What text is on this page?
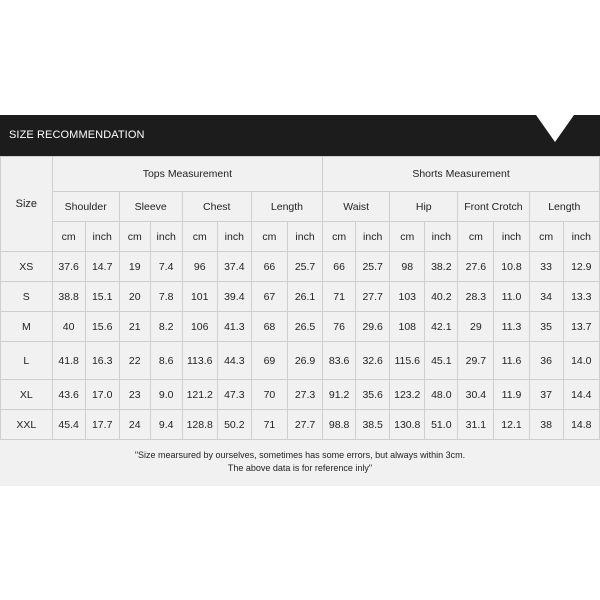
SIZE RECOMMENDATION
Size	Tops Measurement								Shorts Measurement							
	Shoulder		Sleeve		Chest		Length		Waist		Hip		Front Crotch		Length	
	cm	inch	cm	inch	cm	inch	cm	inch	cm	inch	cm	inch	cm	inch	cm	inch
XS	37.6	14.7	19	7.4	96	37.4	66	25.7	66	25.7	98	38.2	27.6	10.8	33	12.9
S	38.8	15.1	20	7.8	101	39.4	67	26.1	71	27.7	103	40.2	28.3	11.0	34	13.3
M	40	15.6	21	8.2	106	41.3	68	26.5	76	29.6	108	42.1	29	11.3	35	13.7
L	41.8	16.3	22	8.6	113.6	44.3	69	26.9	83.6	32.6	115.6	45.1	29.7	11.6	36	14.0
XL	43.6	17.0	23	9.0	121.2	47.3	70	27.3	91.2	35.6	123.2	48.0	30.4	11.9	37	14.4
XXL	45.4	17.7	24	9.4	128.8	50.2	71	27.7	98.8	38.5	130.8	51.0	31.1	12.1	38	14.8
"Size mearsured by ourselves, sometimes has some errors, but always within 3cm.
The above data is for reference inly"
